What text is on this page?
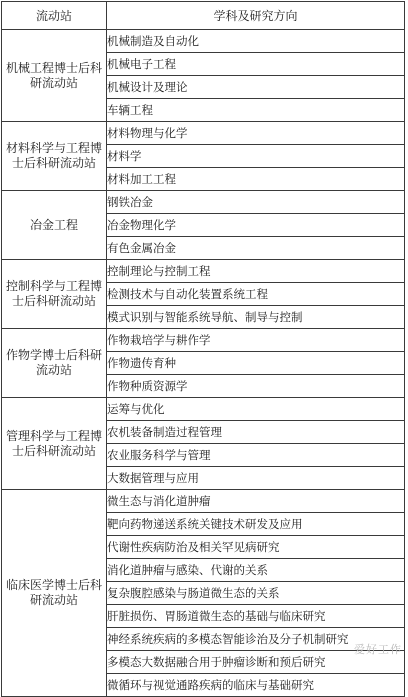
流动站	学科及研究方向
机械工程博士后科研流动站	机械制造及自动化
	机械电子工程
	机械设计及理论
	车辆工程
材料科学与工程博士后科研流动站	材料物理与化学
	材料学
	材料加工工程
冶金工程	钢铁冶金
	冶金物理化学
	有色金属冶金
控制科学与工程博士后科研流动站	控制理论与控制工程
	检测技术与自动化装置系统工程
	模式识别与智能系统导航、制导与控制
作物学博士后科研流动站	作物栽培学与耕作学
	作物遗传育种
	作物种质资源学
管理科学与工程博士后科研流动站	运筹与优化
	农机装备制造过程管理
	农业服务科学与管理
	大数据管理与应用
临床医学博士后科研流动站	微生态与消化道肿瘤
	靶向药物递送系统关键技术研发及应用
	代谢性疾病防治及相关罕见病研究
	消化道肿瘤与感染、代谢的关系
	复杂腹腔感染与肠道微生态的关系
	肝脏损伤、胃肠道微生态的基础与临床研究
	神经系统疾病的多模态智能诊治及分子机制研究
	多模态大数据融合用于肿瘤诊断和预后研究
	微循环与视觉通路疾病的临床与基础研究
爱好工作
